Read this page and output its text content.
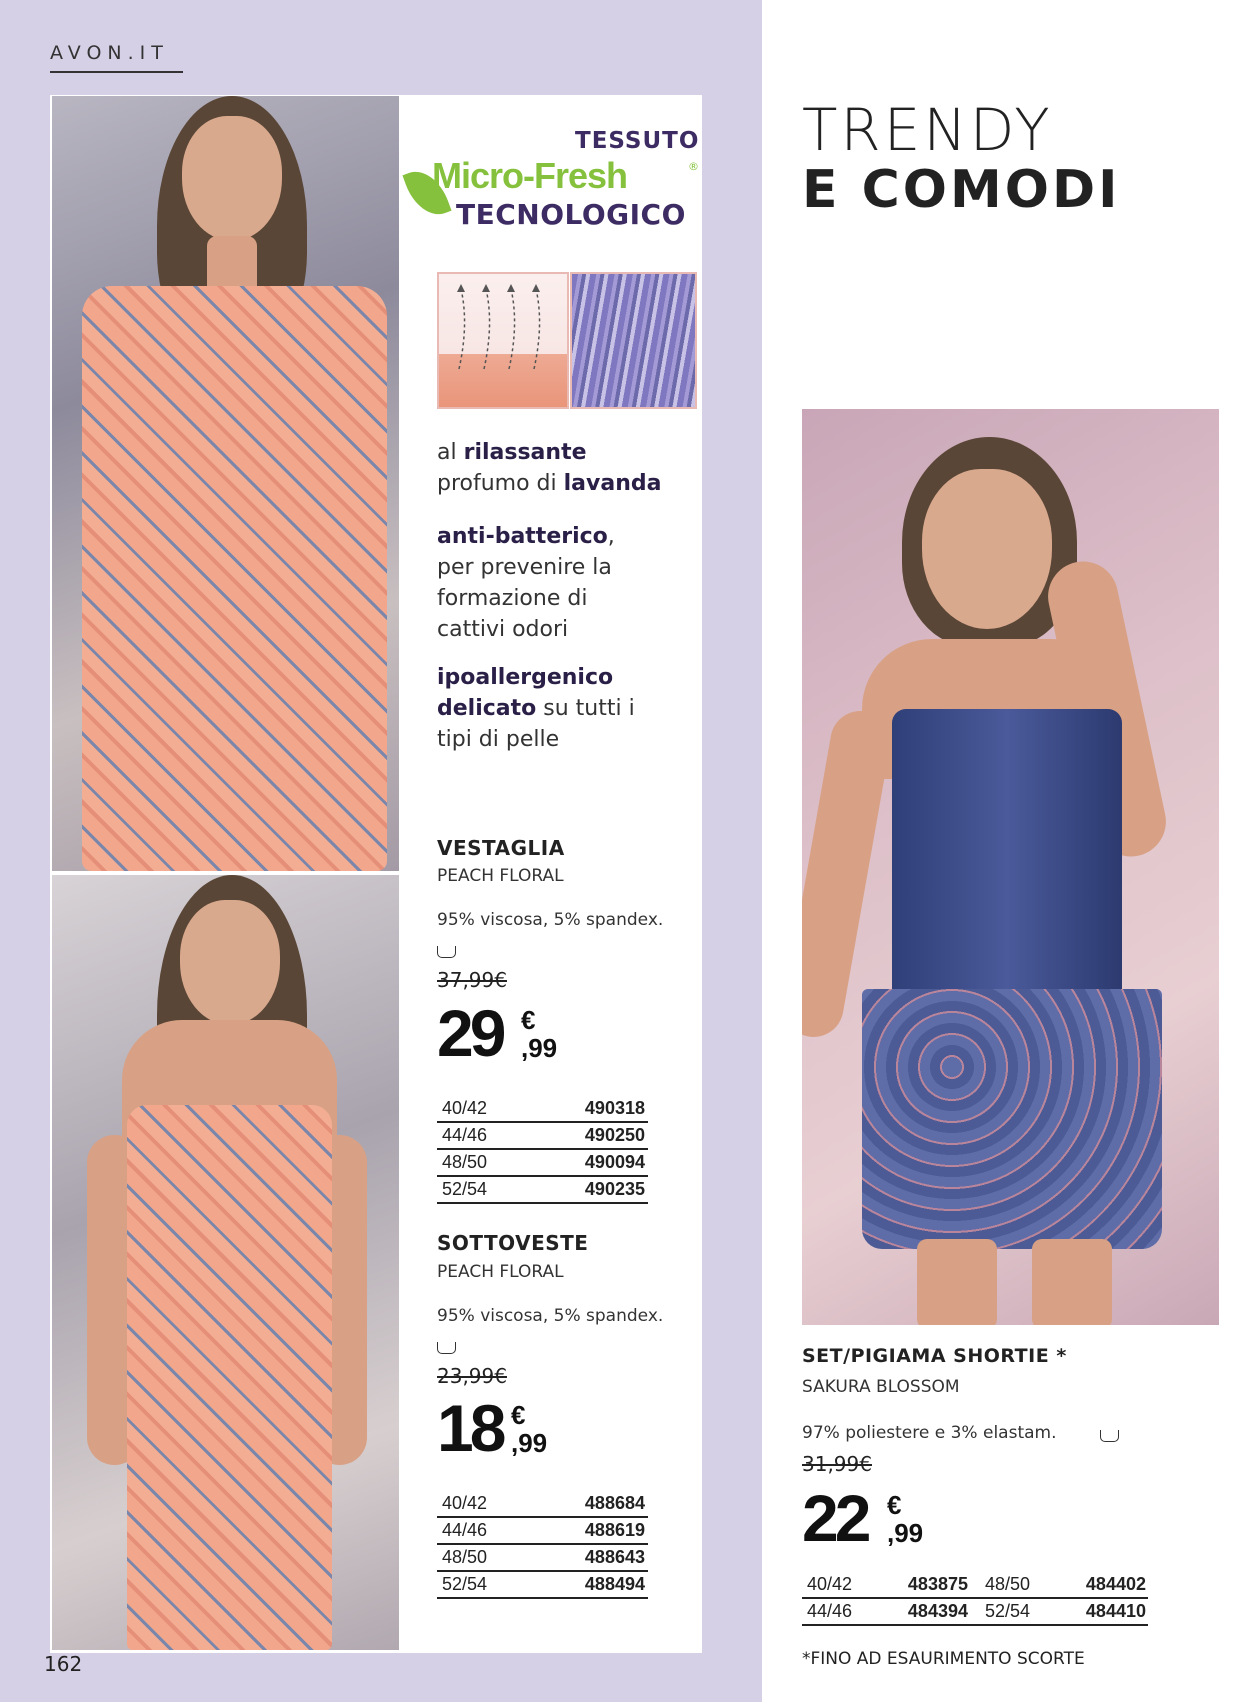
AVON.IT
TESSUTO
Micro-Fresh	®
TECNOLOGICO
al rilassante
profumo di lavanda
anti-batterico,
per prevenire la
formazione di
cattivi odori
ipoallergenico
delicato su tutti i
tipi di pelle
VESTAGLIA
PEACH FLORAL
95% viscosa, 5% spandex.
37,99€
29 €
,99
40/42	490318
44/46	490250
48/50	490094
52/54	490235
SOTTOVESTE
PEACH FLORAL
95% viscosa, 5% spandex.
23,99€
18 €
,99
40/42	488684
44/46	488619
48/50	488643
52/54	488494
162
TRENDY
E COMODI
SET/PIGIAMA SHORTIE *
SAKURA BLOSSOM
97% poliestere e 3% elastam.
31,99€
22 €
,99
40/42	483875 48/50	484402
44/46	484394 52/54	484410
*FINO AD ESAURIMENTO SCORTE
